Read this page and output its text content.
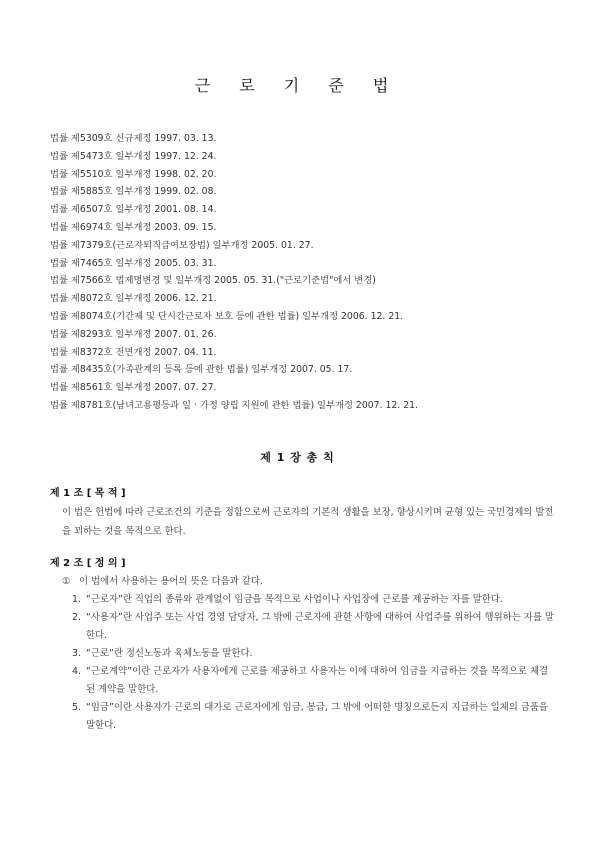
근 로 기 준 법
법률 제5309호 신규제정 1997. 03. 13.
법률 제5473호 일부개정 1997. 12. 24.
법률 제5510호 일부개정 1998. 02. 20.
법률 제5885호 일부개정 1999. 02. 08.
법률 제6507호 일부개정 2001. 08. 14.
법률 제6974호 일부개정 2003. 09. 15.
법률 제7379호(근로자퇴직급여보장법) 일부개정 2005. 01. 27.
법률 제7465호 일부개정 2005. 03. 31.
법률 제7566호 법제명변경 및 일부개정 2005. 05. 31.("근로기준법"에서 변경)
법률 제8072호 일부개정 2006. 12. 21.
법률 제8074호(기간제 및 단시간근로자 보호 등에 관한 법률) 일부개정 2006. 12. 21.
법률 제8293호 일부개정 2007. 01. 26.
법률 제8372호 전면개정 2007. 04. 11.
법률 제8435호(가족관계의 등록 등에 관한 법률) 일부개정 2007. 05. 17.
법률 제8561호 일부개정 2007. 07. 27.
법률 제8781호(남녀고용평등과 일 · 가정 양립 지원에 관한 법률) 일부개정 2007. 12. 21.
제 1 장 총 칙
제 1 조 [ 목 적 ]
이 법은 헌법에 따라 근로조건의 기준을 정함으로써 근로자의 기본적 생활을 보장, 향상시키며 균형 있는 국민경제의 발전을 꾀하는 것을 목적으로 한다.
제 2 조 [ 정 의 ]
① 이 법에서 사용하는 용어의 뜻은 다음과 같다.
1. “근로자”란 직업의 종류와 관계없이 임금을 목적으로 사업이나 사업장에 근로를 제공하는 자를 말한다.
2. “사용자”란 사업주 또는 사업 경영 담당자, 그 밖에 근로자에 관한 사항에 대하여 사업주를 위하여 행위하는 자를 말한다.
3. “근로”란 정신노동과 육체노동을 말한다.
4. “근로계약”이란 근로자가 사용자에게 근로를 제공하고 사용자는 이에 대하여 임금을 지급하는 것을 목적으로 체결된 계약을 말한다.
5. “임금”이란 사용자가 근로의 대가로 근로자에게 임금, 봉급, 그 밖에 어떠한 명칭으로든지 지급하는 일체의 금품을 말한다.
